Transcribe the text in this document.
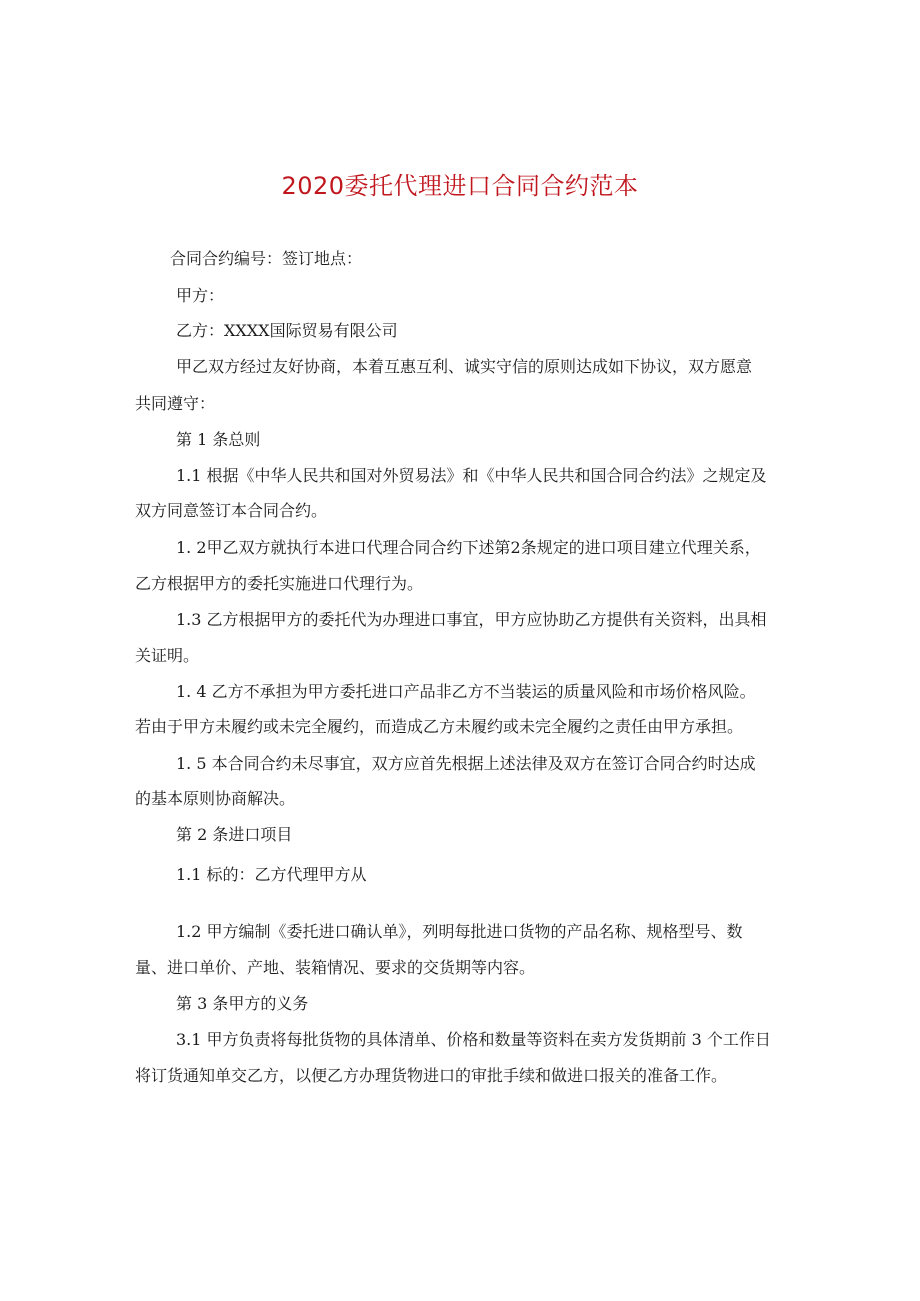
2020委托代理进口合同合约范本
合同合约编号：签订地点：
甲方：
乙方：XXXX国际贸易有限公司
甲乙双方经过友好协商，本着互惠互利、诚实守信的原则达成如下协议，双方愿意
共同遵守：
第 1 条总则
1.1 根据《中华人民共和国对外贸易法》和《中华人民共和国合同合约法》之规定及
双方同意签订本合同合约。
1. 2甲乙双方就执行本进口代理合同合约下述第2条规定的进口项目建立代理关系，
乙方根据甲方的委托实施进口代理行为。
1.3 乙方根据甲方的委托代为办理进口事宜，甲方应协助乙方提供有关资料，出具相
关证明。
1. 4 乙方不承担为甲方委托进口产品非乙方不当装运的质量风险和市场价格风险。
若由于甲方未履约或未完全履约，而造成乙方未履约或未完全履约之责任由甲方承担。
1. 5 本合同合约未尽事宜，双方应首先根据上述法律及双方在签订合同合约时达成
的基本原则协商解决。
第 2 条进口项目
1.1 标的：乙方代理甲方从
1.2 甲方编制《委托进口确认单》，列明每批进口货物的产品名称、规格型号、数
量、进口单价、产地、装箱情况、要求的交货期等内容。
第 3 条甲方的义务
3.1 甲方负责将每批货物的具体清单、价格和数量等资料在卖方发货期前 3 个工作日
将订货通知单交乙方，以便乙方办理货物进口的审批手续和做进口报关的准备工作。
